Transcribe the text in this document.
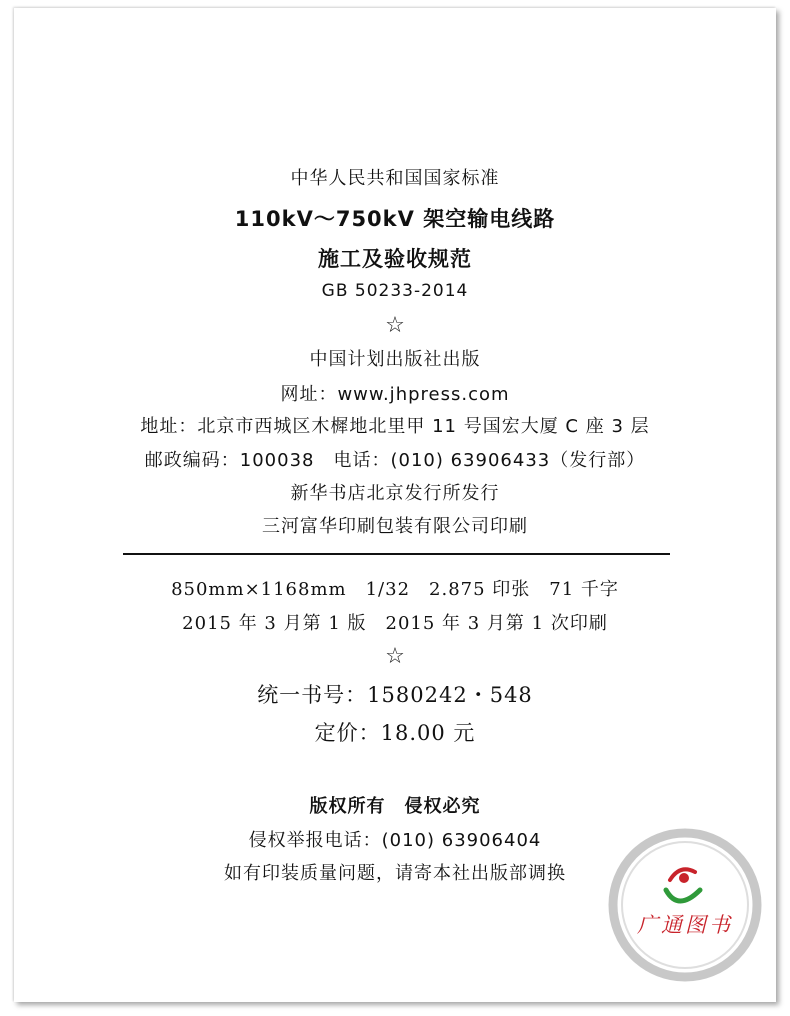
中华人民共和国国家标准
110kV～750kV 架空输电线路
施工及验收规范
GB 50233-2014
☆
中国计划出版社出版
网址：www.jhpress.com
地址：北京市西城区木樨地北里甲 11 号国宏大厦 C 座 3 层
邮政编码：100038　电话：(010) 63906433（发行部）
新华书店北京发行所发行
三河富华印刷包装有限公司印刷
850mm×1168mm　1/32　2.875 印张　71 千字
2015 年 3 月第 1 版　2015 年 3 月第 1 次印刷
☆
统一书号：1580242・548
定价：18.00 元
版权所有　侵权必究
侵权举报电话：(010) 63906404
如有印装质量问题，请寄本社出版部调换
广通图书
